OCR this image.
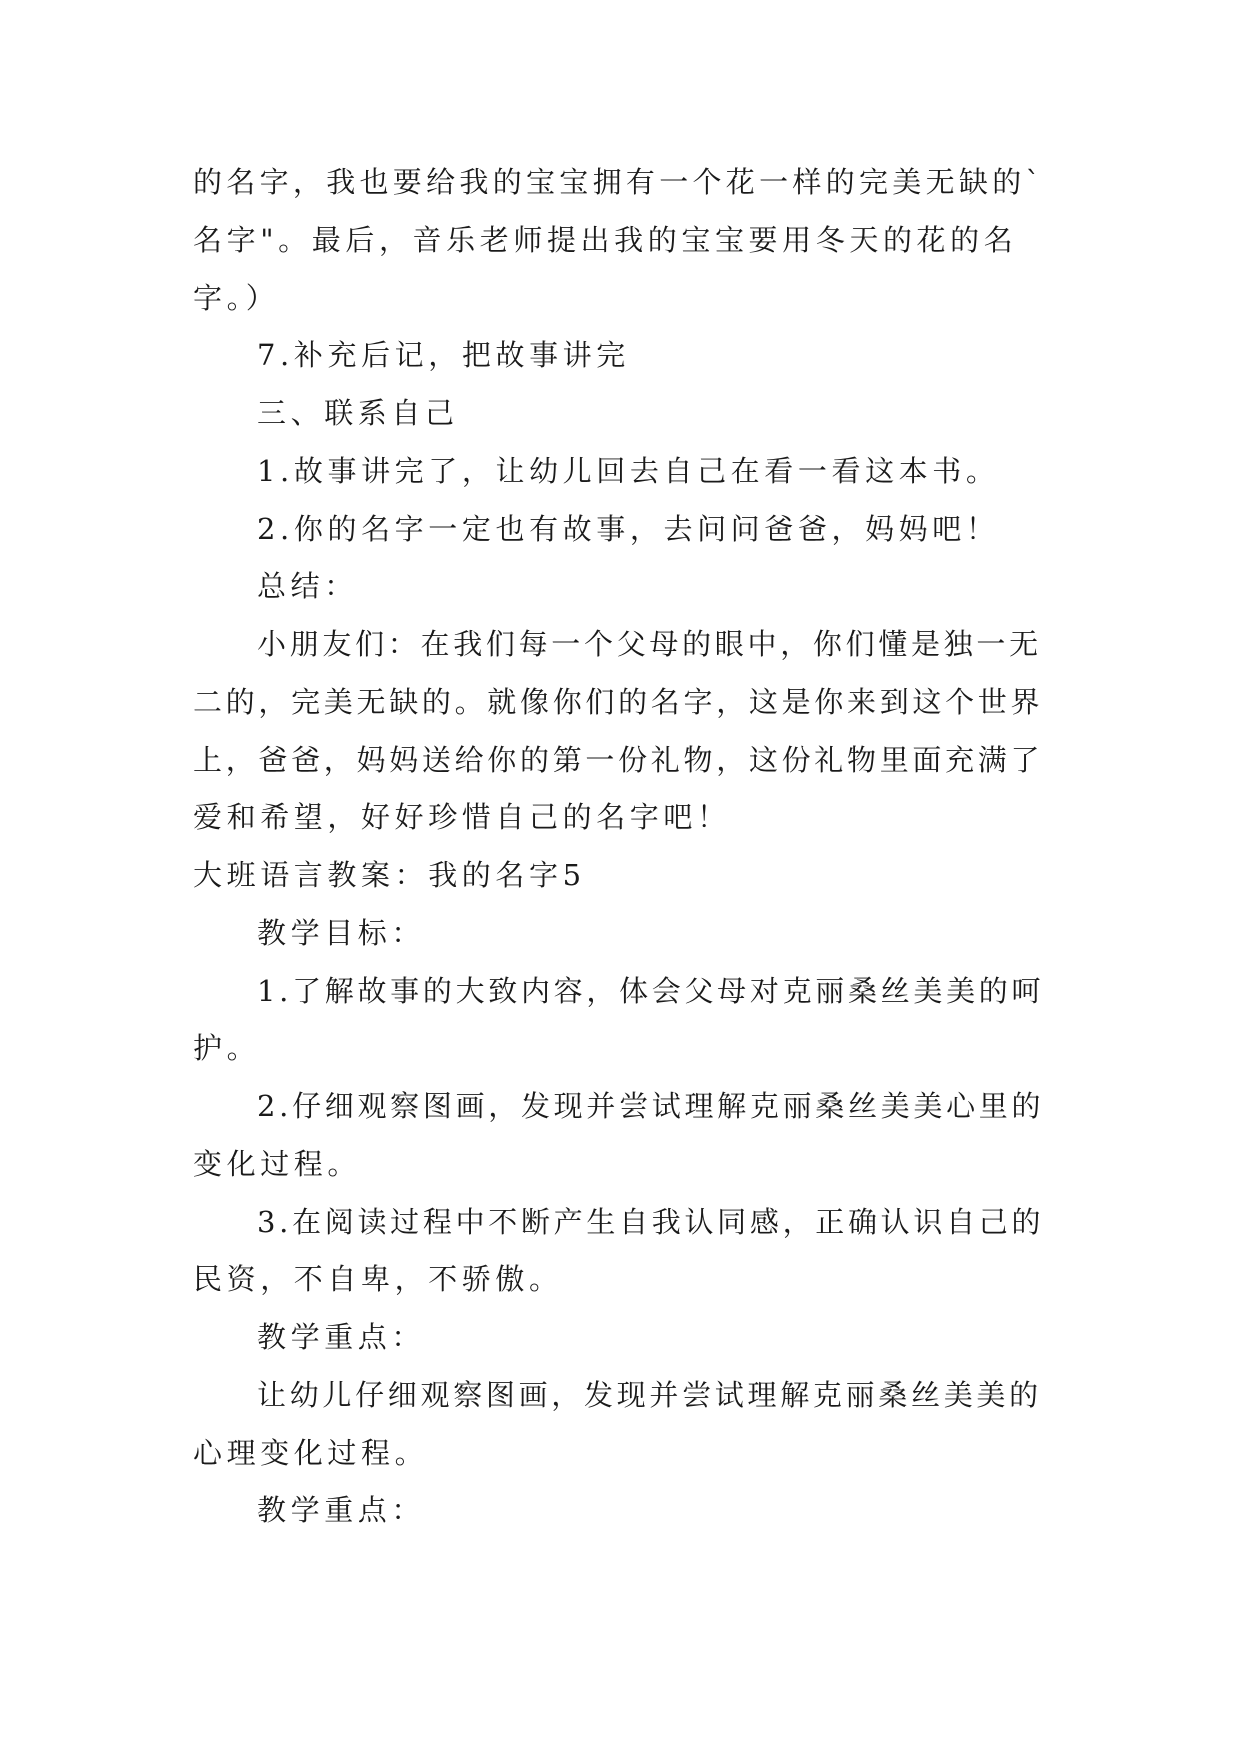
的名字，我也要给我的宝宝拥有一个花一样的完美无缺的`

名字"。最后，音乐老师提出我的宝宝要用冬天的花的名

字。）

7.补充后记，把故事讲完

三、联系自己

1.故事讲完了，让幼儿回去自己在看一看这本书。

2.你的名字一定也有故事，去问问爸爸，妈妈吧！

总结：

小朋友们：在我们每一个父母的眼中，你们懂是独一无

二的，完美无缺的。就像你们的名字，这是你来到这个世界

上，爸爸，妈妈送给你的第一份礼物，这份礼物里面充满了

爱和希望，好好珍惜自己的名字吧！

大班语言教案：我的名字5

教学目标：

1.了解故事的大致内容，体会父母对克丽桑丝美美的呵

护。

2.仔细观察图画，发现并尝试理解克丽桑丝美美心里的

变化过程。

3.在阅读过程中不断产生自我认同感，正确认识自己的

民资，不自卑，不骄傲。

教学重点：

让幼儿仔细观察图画，发现并尝试理解克丽桑丝美美的

心理变化过程。

教学重点：
